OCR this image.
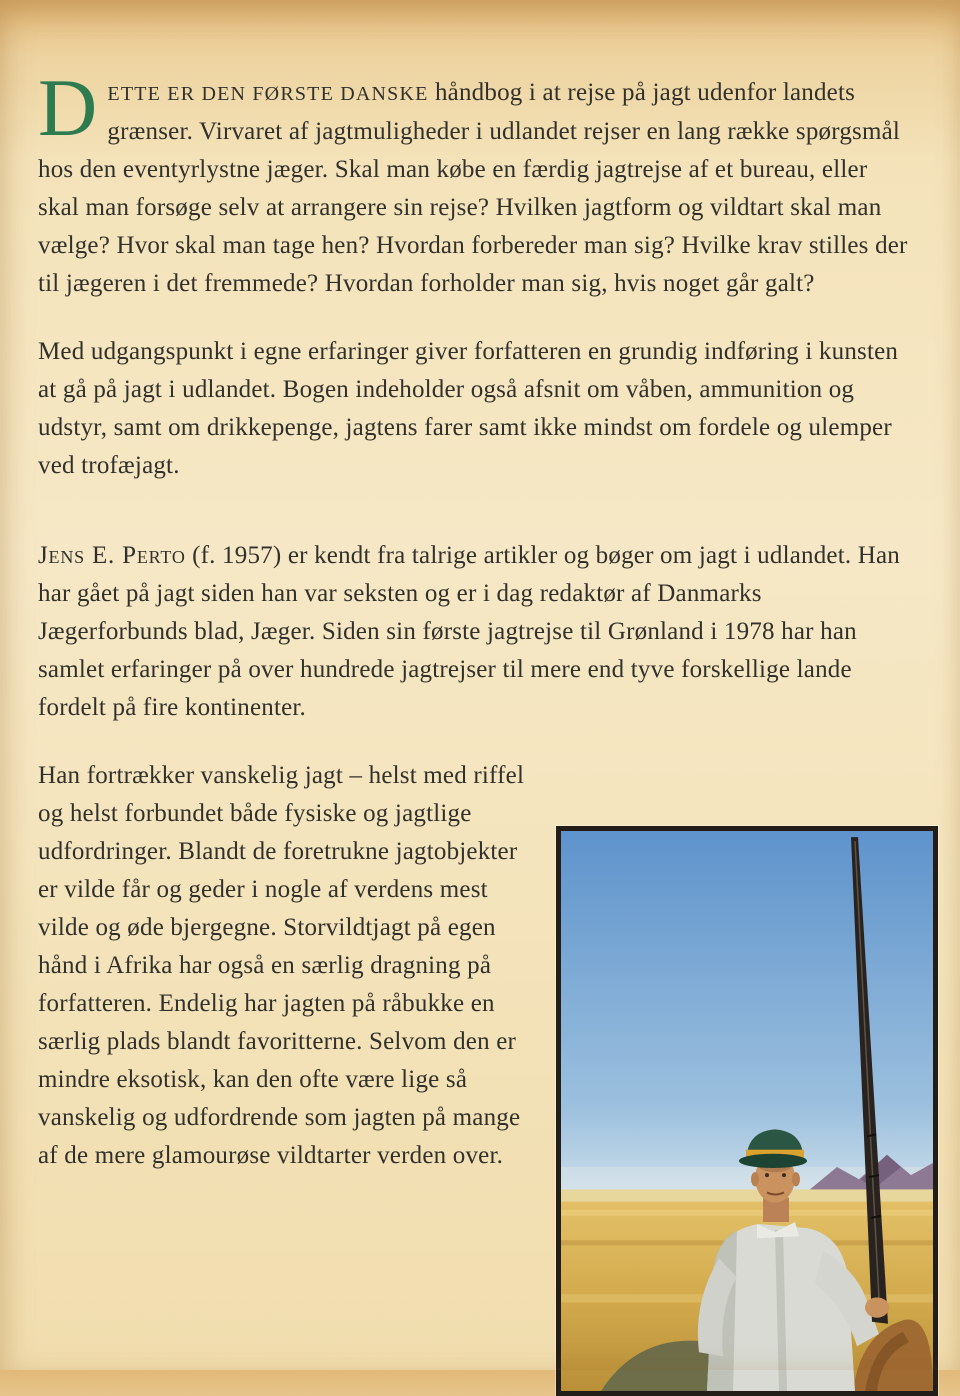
DETTE ER DEN FØRSTE DANSKE håndbog i at rejse på jagt udenfor landets grænser. Virvaret af jagtmuligheder i udlandet rejser en lang række spørgsmål hos den eventyrlystne jæger. Skal man købe en færdig jagtrejse af et bureau, eller skal man forsøge selv at arrangere sin rejse? Hvilken jagtform og vildtart skal man vælge? Hvor skal man tage hen? Hvordan forbereder man sig? Hvilke krav stilles der til jægeren i det fremmede? Hvordan forholder man sig, hvis noget går galt?

Med udgangspunkt i egne erfaringer giver forfatteren en grundig indføring i kunsten at gå på jagt i udlandet. Bogen indeholder også afsnit om våben, ammunition og udstyr, samt om drikkepenge, jagtens farer samt ikke mindst om fordele og ulemper ved trofæjagt.

Jens E. Perto (f. 1957) er kendt fra talrige artikler og bøger om jagt i udlandet. Han har gået på jagt siden han var seksten og er i dag redaktør af Danmarks Jægerforbunds blad, Jæger. Siden sin første jagtrejse til Grønland i 1978 har han samlet erfaringer på over hundrede jagtrejser til mere end tyve forskellige lande fordelt på fire kontinenter.

Han fortrækker vanskelig jagt – helst med riffel og helst forbundet både fysiske og jagtlige udfordringer. Blandt de foretrukne jagtobjekter er vilde får og geder i nogle af verdens mest vilde og øde bjergegne. Storvildtjagt på egen hånd i Afrika har også en særlig dragning på forfatteren. Endelig har jagten på råbukke en særlig plads blandt favoritterne. Selvom den er mindre eksotisk, kan den ofte være lige så vanskelig og udfordrende som jagten på mange af de mere glamourøse vildtarter verden over.
